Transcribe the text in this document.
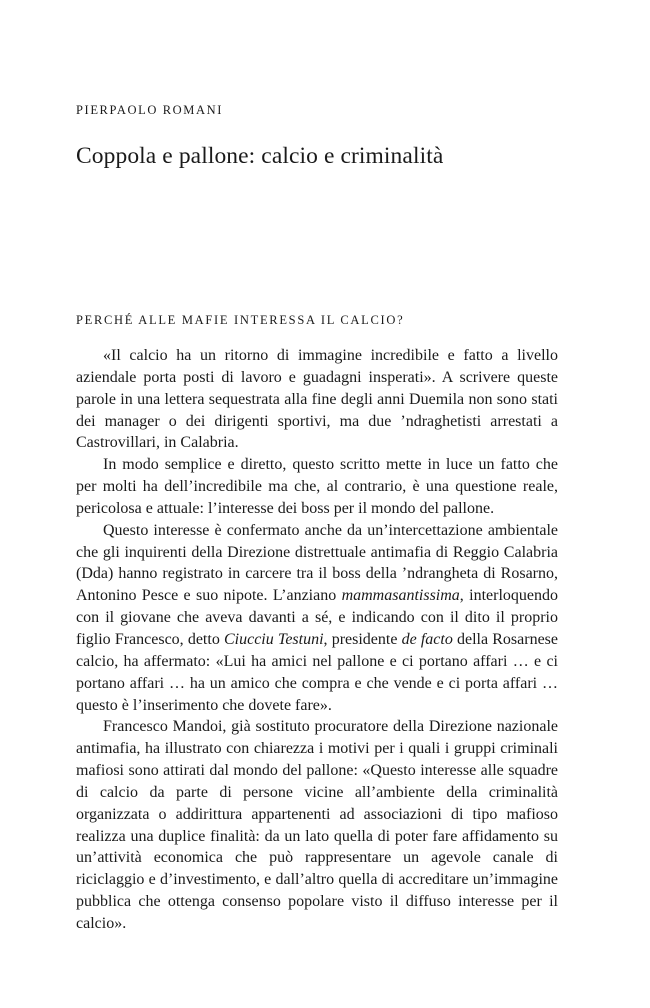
PIERPAOLO ROMANI
Coppola e pallone: calcio e criminalità
PERCHÉ ALLE MAFIE INTERESSA IL CALCIO?

«Il calcio ha un ritorno di immagine incredibile e fatto a livello aziendale porta posti di lavoro e guadagni insperati». A scrivere queste parole in una lettera sequestrata alla fine degli anni Duemila non sono stati dei manager o dei dirigenti sportivi, ma due ’ndraghetisti arrestati a Castrovillari, in Calabria.

In modo semplice e diretto, questo scritto mette in luce un fatto che per molti ha dell’incredibile ma che, al contrario, è una questione reale, pericolosa e attuale: l’interesse dei boss per il mondo del pallone.

Questo interesse è confermato anche da un’intercettazione ambientale che gli inquirenti della Direzione distrettuale antimafia di Reggio Calabria (Dda) hanno registrato in carcere tra il boss della ’ndrangheta di Rosarno, Antonino Pesce e suo nipote. L’anziano mammasantissima, interloquendo con il giovane che aveva davanti a sé, e indicando con il dito il proprio figlio Francesco, detto Ciucciu Testuni, presidente de facto della Rosarnese calcio, ha affermato: «Lui ha amici nel pallone e ci portano affari … e ci portano affari … ha un amico che compra e che vende e ci porta affari … questo è l’inserimento che dovete fare».

Francesco Mandoi, già sostituto procuratore della Direzione nazionale antimafia, ha illustrato con chiarezza i motivi per i quali i gruppi criminali mafiosi sono attirati dal mondo del pallone: «Questo interesse alle squadre di calcio da parte di persone vicine all’ambiente della criminalità organizzata o addirittura appartenenti ad associazioni di tipo mafioso realizza una duplice finalità: da un lato quella di poter fare affidamento su un’attività economica che può rappresentare un agevole canale di riciclaggio e d’investimento, e dall’altro quella di accreditare un’immagine pubblica che ottenga consenso popolare visto il diffuso interesse per il calcio».
